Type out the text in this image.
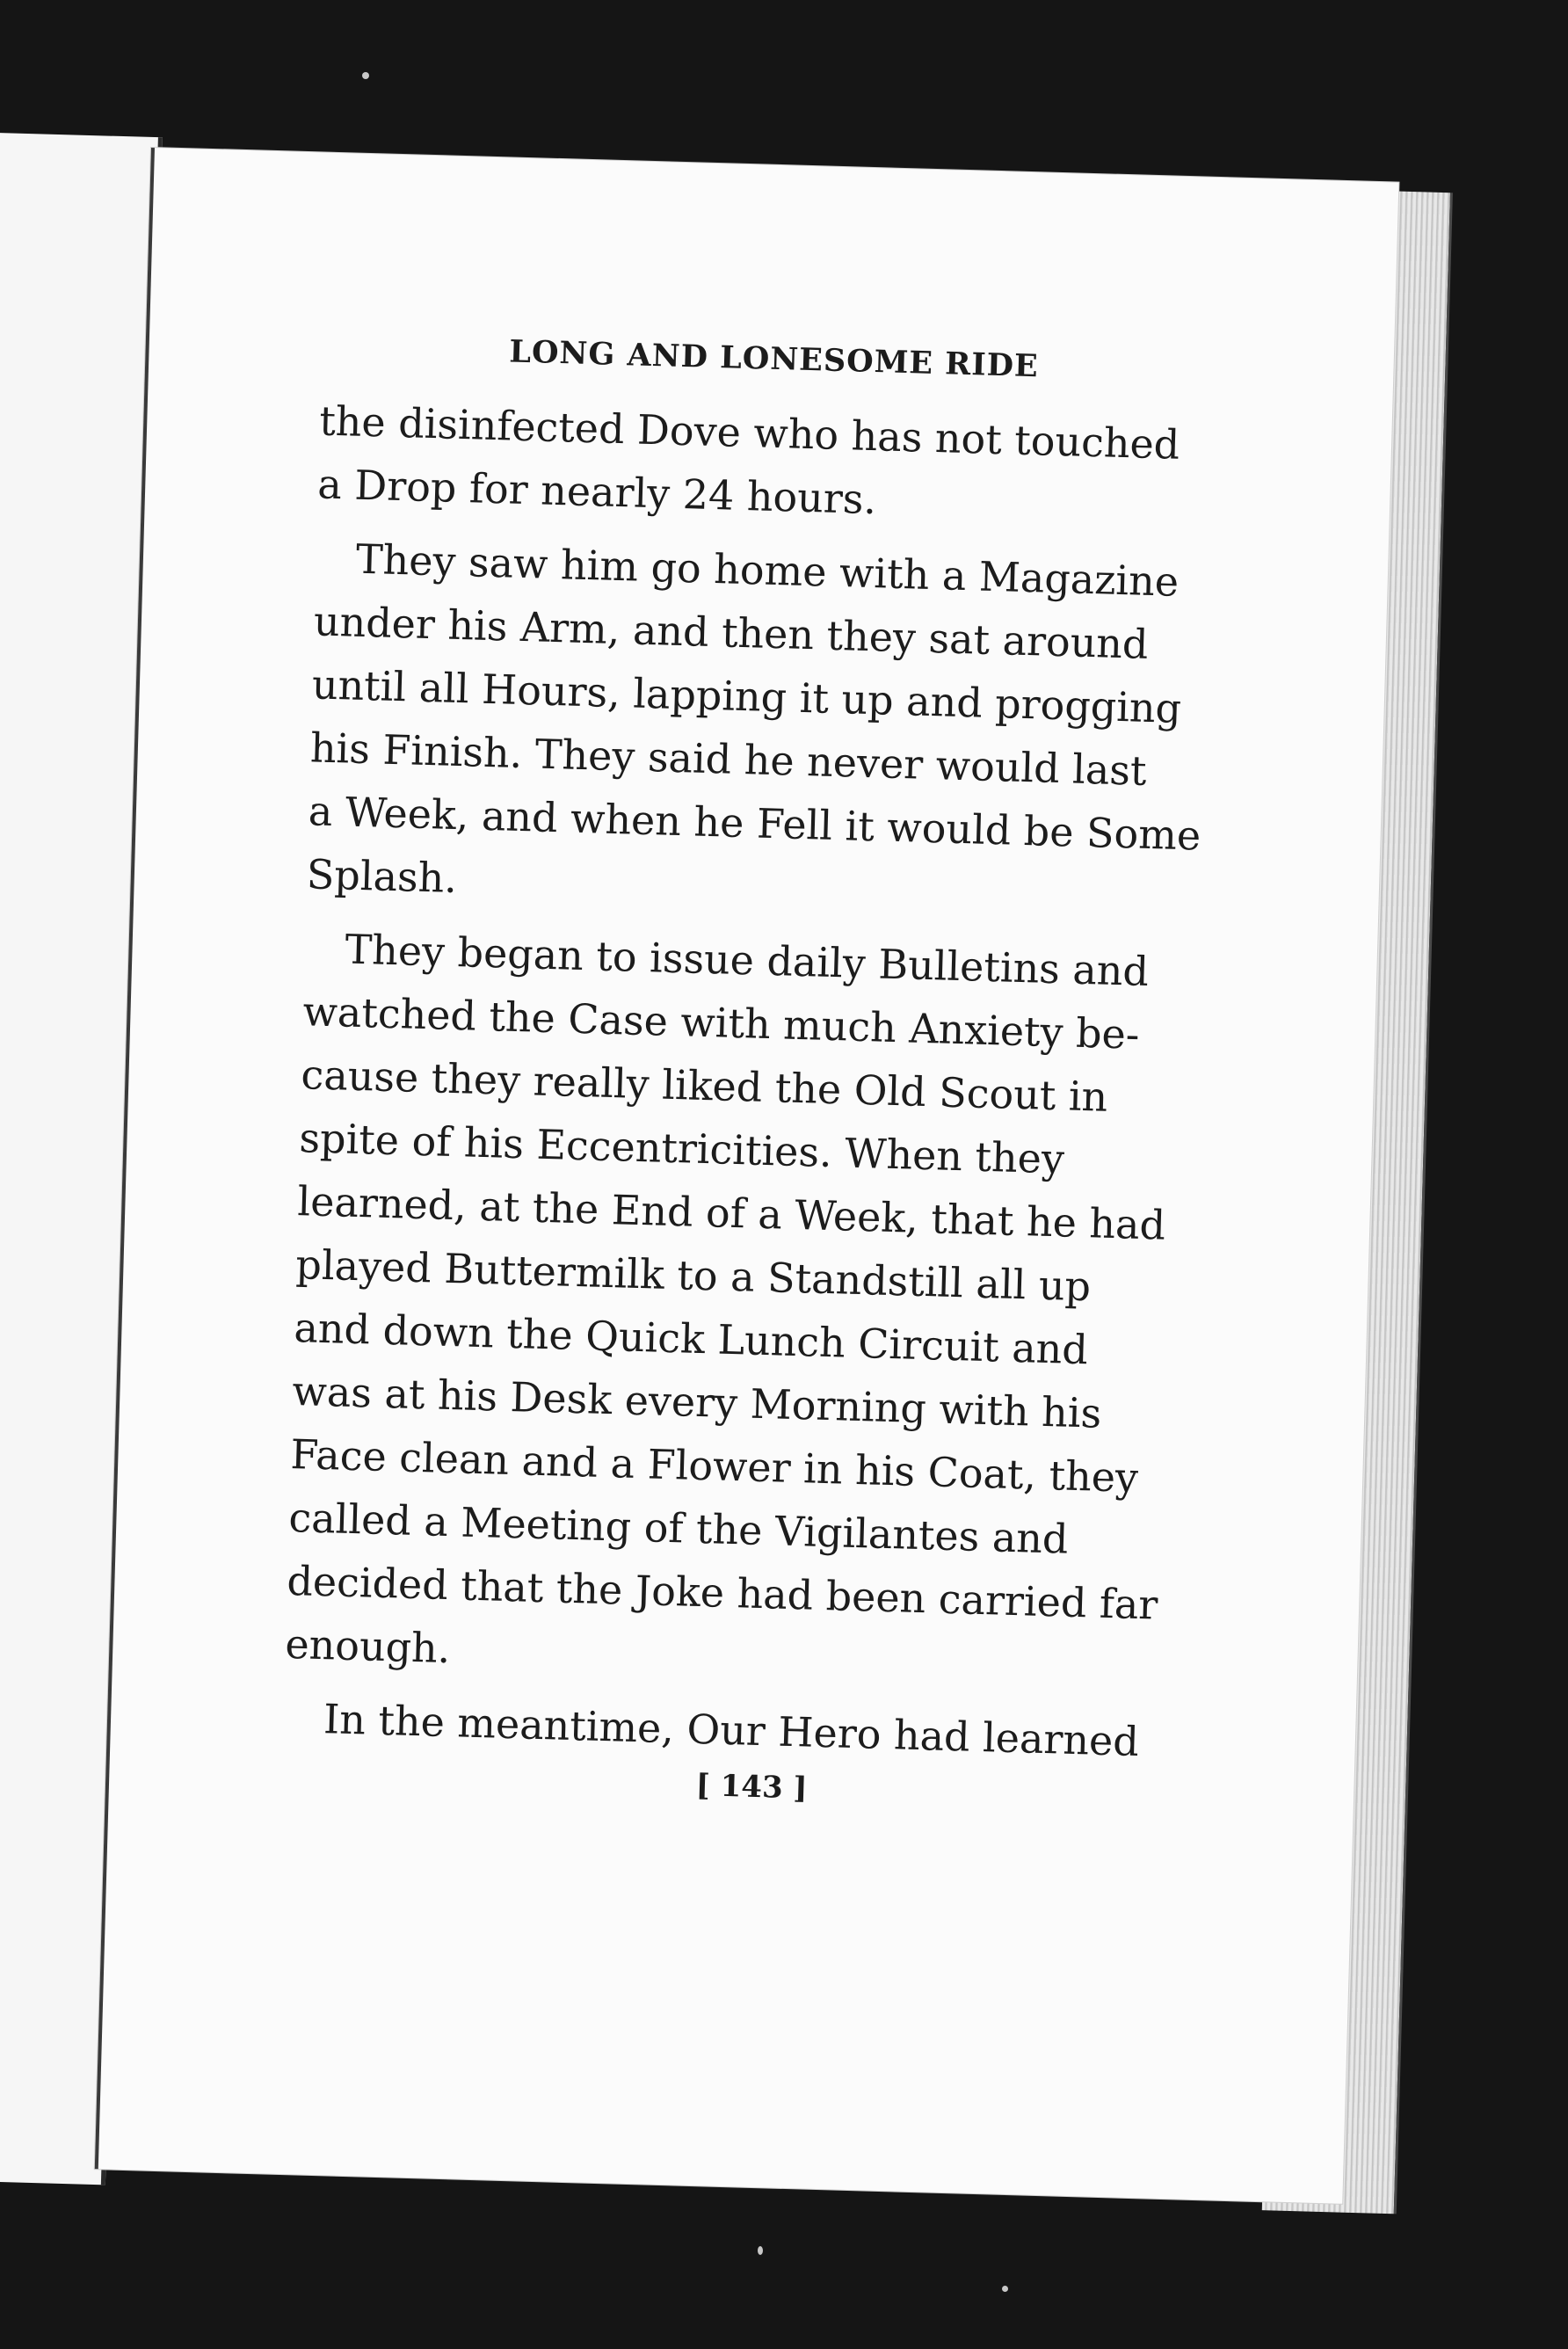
LONG AND LONESOME RIDE
the disinfected Dove who has not touched
a Drop for nearly 24 hours.
They saw him go home with a Magazine
under his Arm, and then they sat around
until all Hours, lapping it up and progging
his Finish. They said he never would last
a Week, and when he Fell it would be Some
Splash.
They began to issue daily Bulletins and
watched the Case with much Anxiety be-
cause they really liked the Old Scout in
spite of his Eccentricities. When they
learned, at the End of a Week, that he had
played Buttermilk to a Standstill all up
and down the Quick Lunch Circuit and
was at his Desk every Morning with his
Face clean and a Flower in his Coat, they
called a Meeting of the Vigilantes and
decided that the Joke had been carried far
enough.
In the meantime, Our Hero had learned
[ 143 ]
